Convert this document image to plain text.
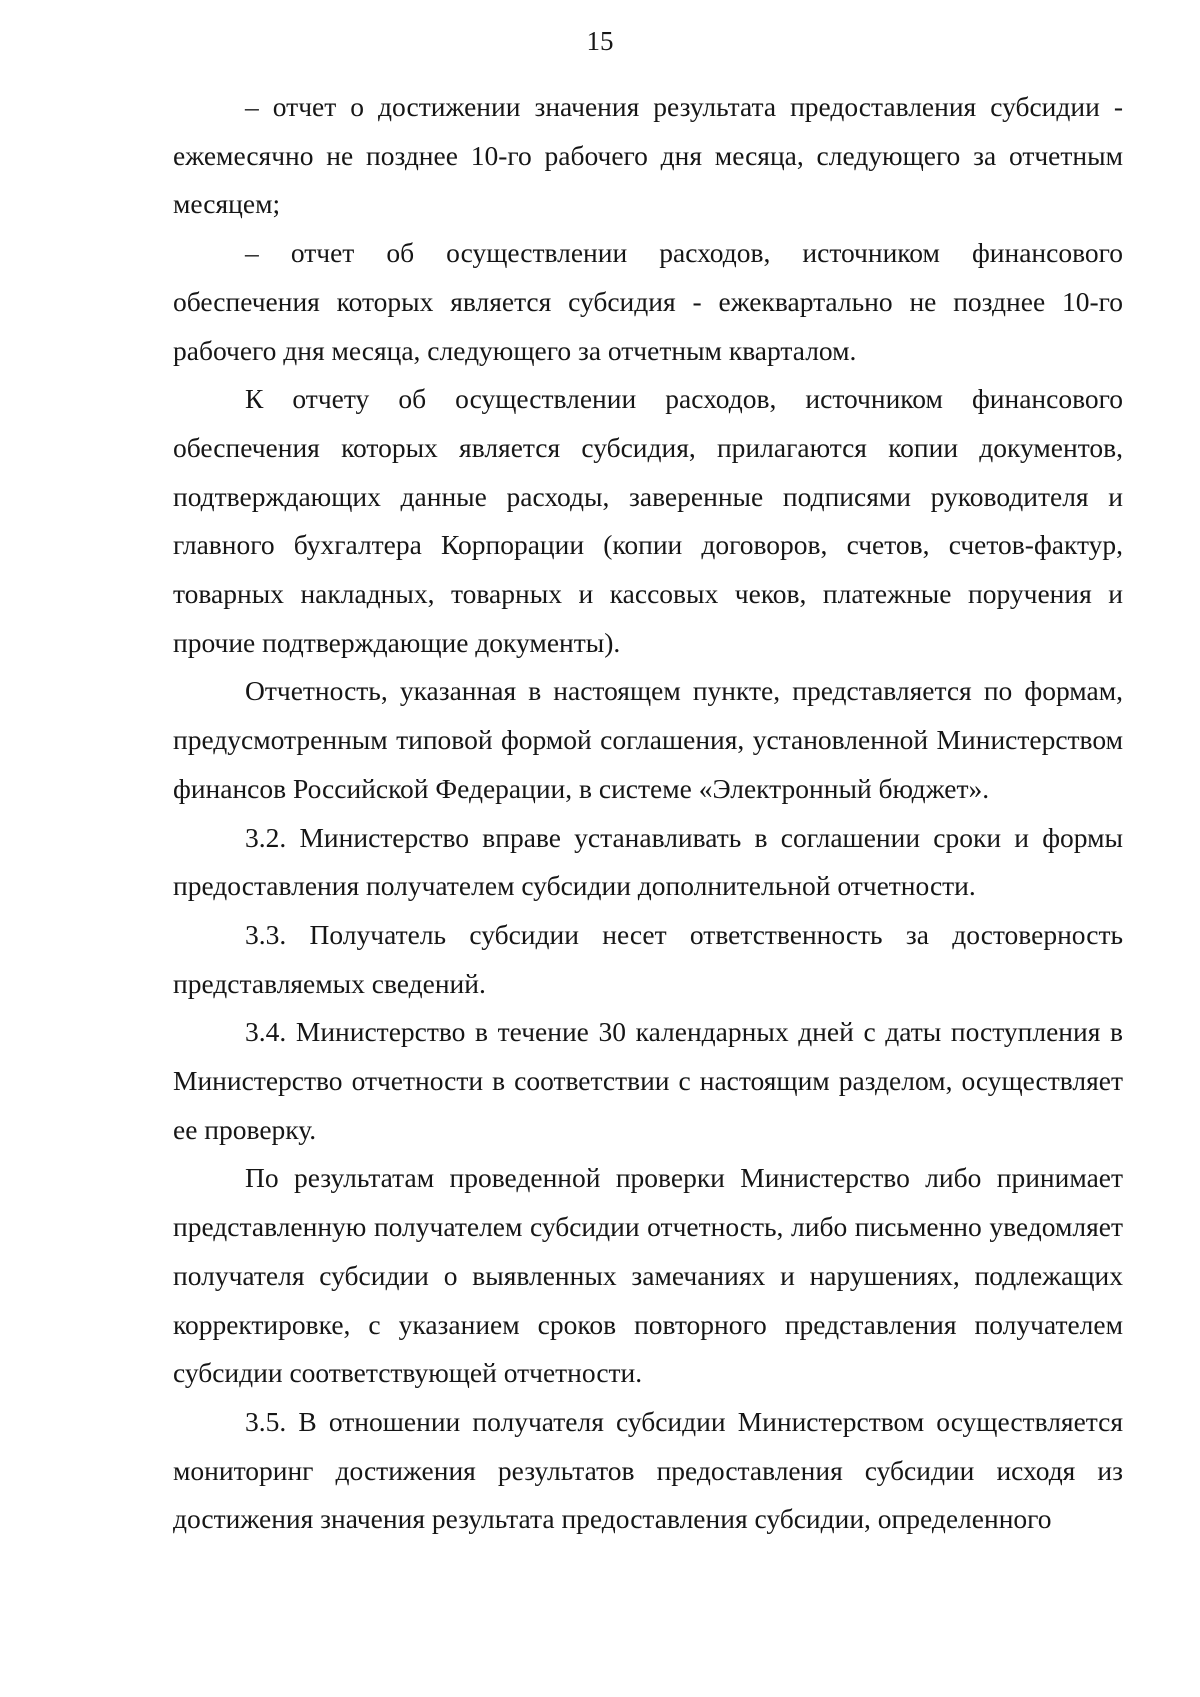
15

– отчет о достижении значения результата предоставления субсидии - ежемесячно не позднее 10-го рабочего дня месяца, следующего за отчетным месяцем;

– отчет об осуществлении расходов, источником финансового обеспечения которых является субсидия - ежеквартально не позднее 10-го рабочего дня месяца, следующего за отчетным кварталом.

К отчету об осуществлении расходов, источником финансового обеспечения которых является субсидия, прилагаются копии документов, подтверждающих данные расходы, заверенные подписями руководителя и главного бухгалтера Корпорации (копии договоров, счетов, счетов-фактур, товарных накладных, товарных и кассовых чеков, платежные поручения и прочие подтверждающие документы).

Отчетность, указанная в настоящем пункте, представляется по формам, предусмотренным типовой формой соглашения, установленной Министерством финансов Российской Федерации, в системе «Электронный бюджет».

3.2. Министерство вправе устанавливать в соглашении сроки и формы предоставления получателем субсидии дополнительной отчетности.

3.3. Получатель субсидии несет ответственность за достоверность представляемых сведений.

3.4. Министерство в течение 30 календарных дней с даты поступления в Министерство отчетности в соответствии с настоящим разделом, осуществляет ее проверку.

По результатам проведенной проверки Министерство либо принимает представленную получателем субсидии отчетность, либо письменно уведомляет получателя субсидии о выявленных замечаниях и нарушениях, подлежащих корректировке, с указанием сроков повторного представления получателем субсидии соответствующей отчетности.

3.5. В отношении получателя субсидии Министерством осуществляется мониторинг достижения результатов предоставления субсидии исходя из достижения значения результата предоставления субсидии, определенного
